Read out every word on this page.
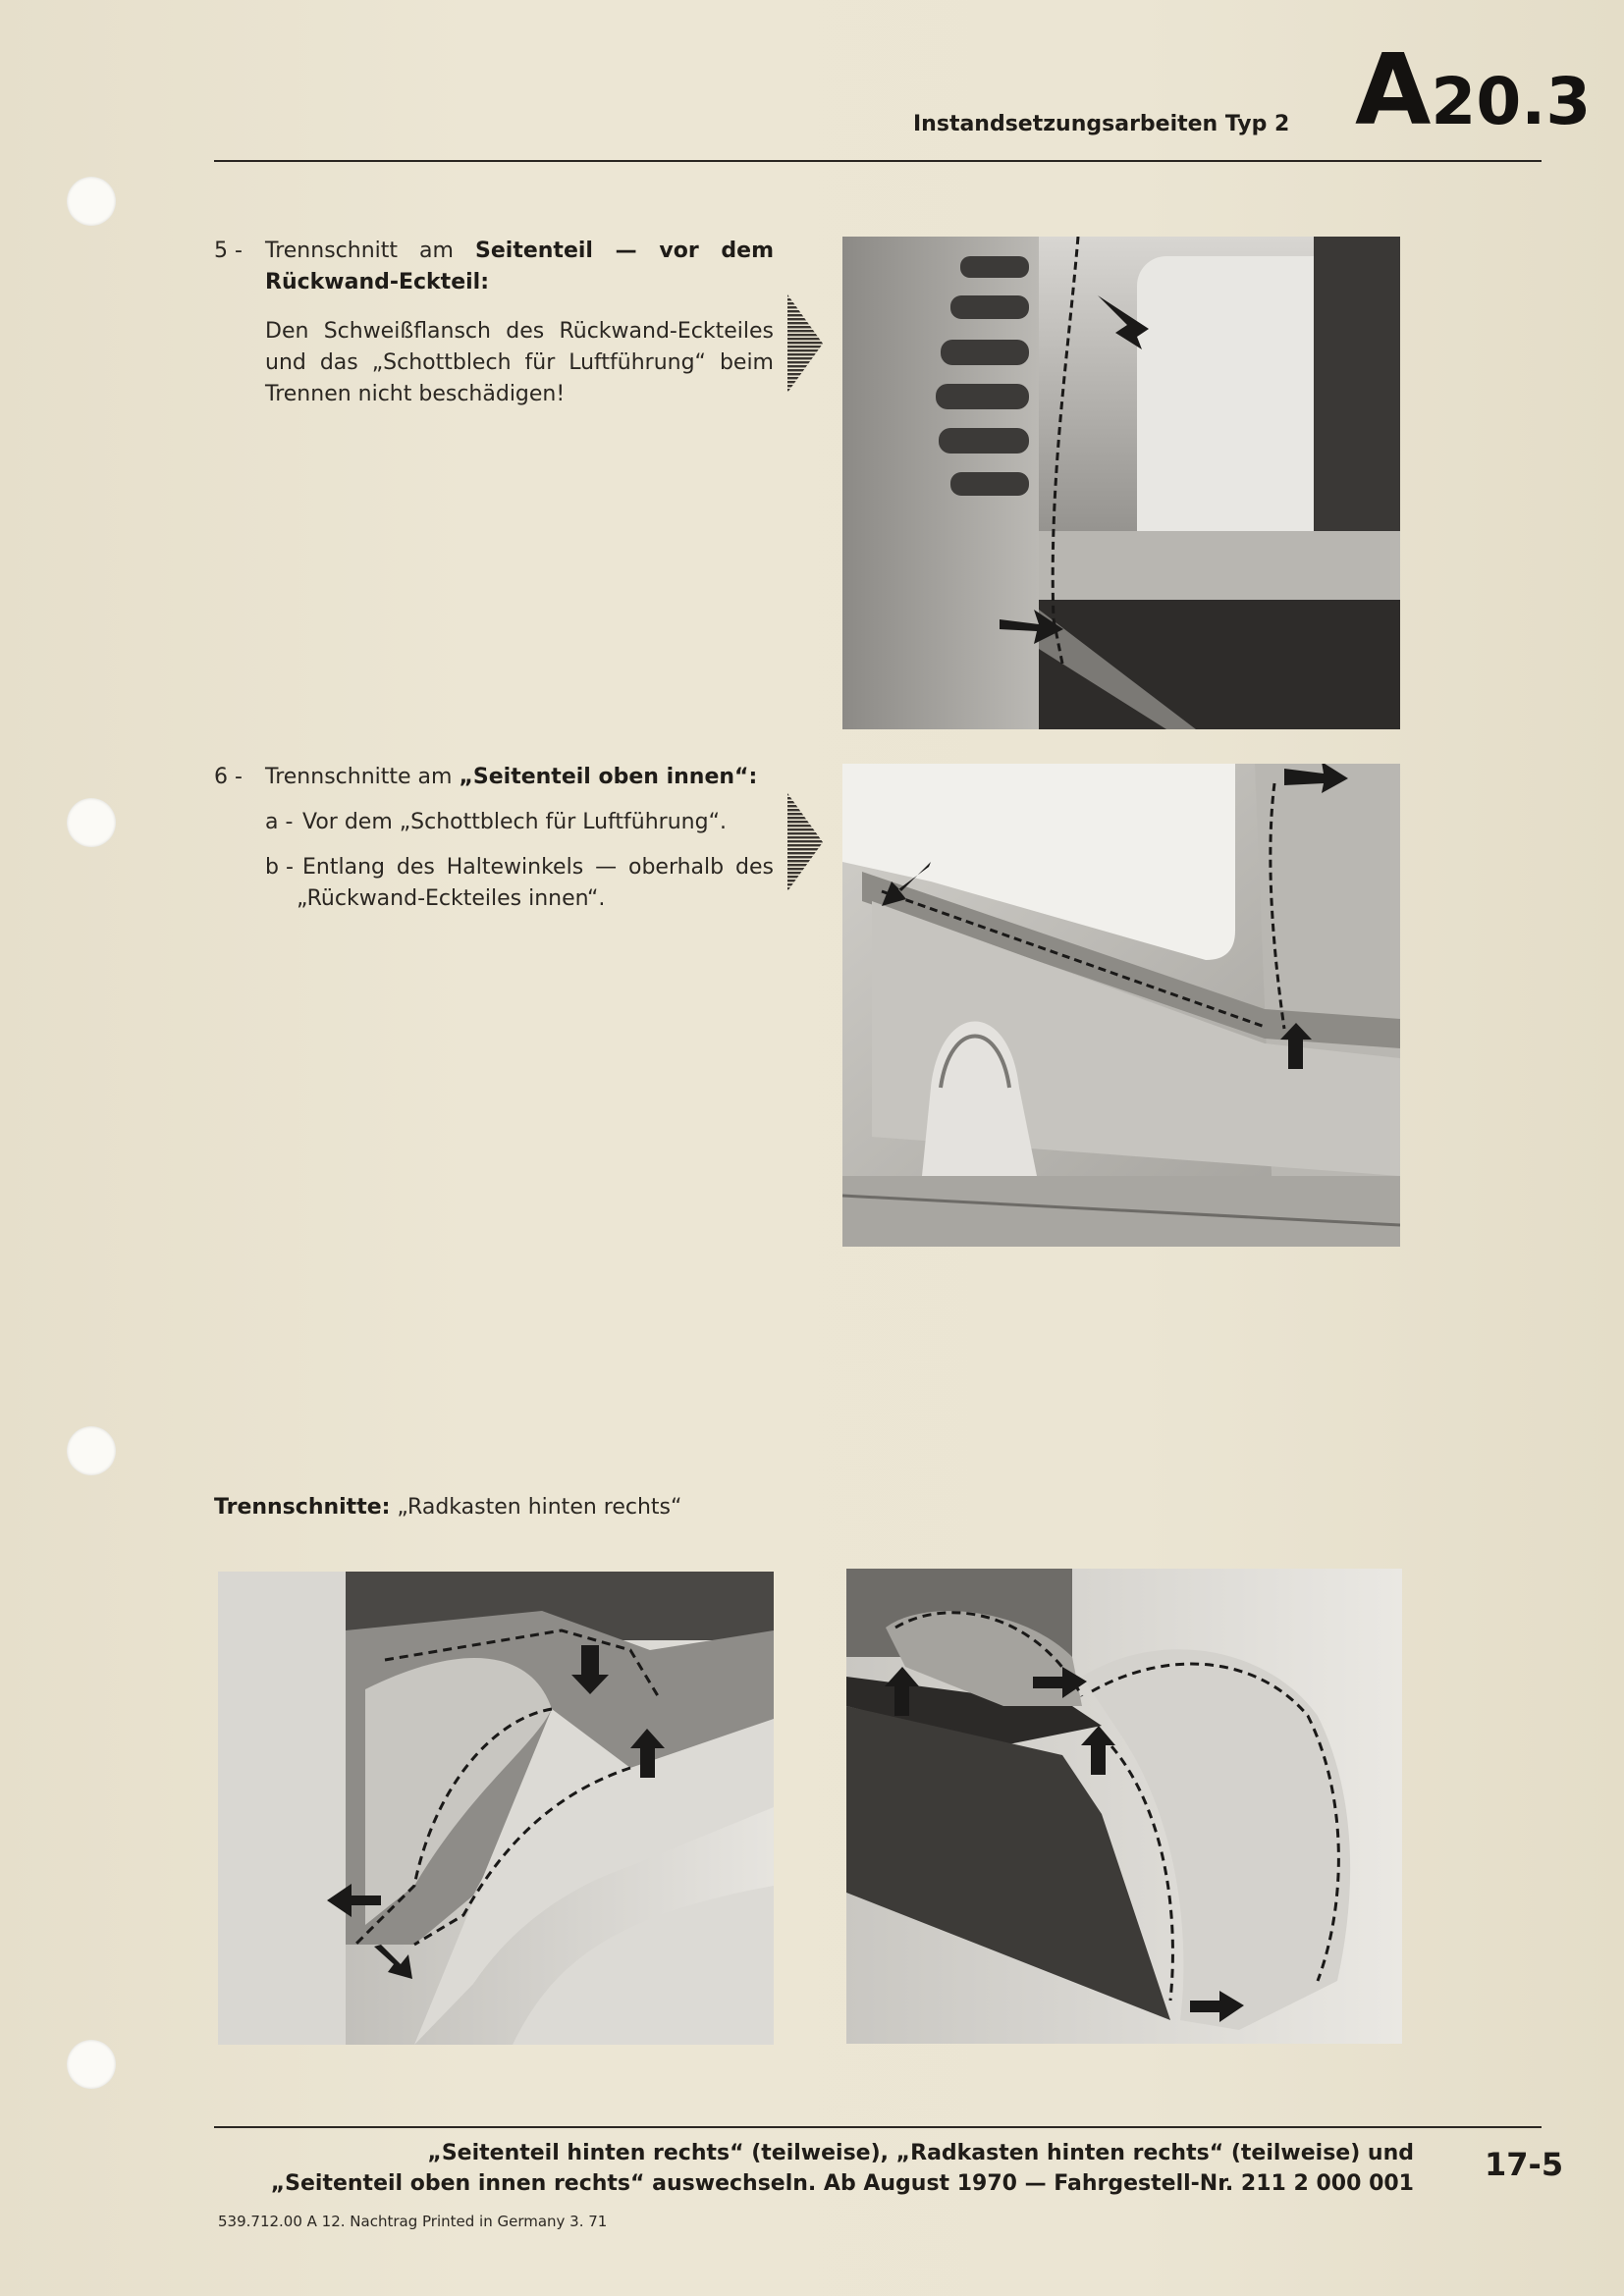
Instandsetzungsarbeiten Typ 2 A20.3
5 -	Trennschnitt am Seitenteil — vor dem
Rückwand-Eckteil:
Den Schweißflansch des Rückwand-Eckteiles
und das „Schottblech für Luftführung“ beim
Trennen nicht beschädigen!
6 -	Trennschnitte am „Seitenteil oben innen“:
a - Vor dem „Schottblech für Luftführung“.
b - Entlang des Haltewinkels — oberhalb des
„Rückwand-Eckteiles innen“.
Trennschnitte: „Radkasten hinten rechts“
„Seitenteil hinten rechts“ (teilweise), „Radkasten hinten rechts“ (teilweise) und
„Seitenteil oben innen rechts“ auswechseln. Ab August 1970 — Fahrgestell-Nr. 211 2 000 001
17-5
539.712.00 A 12. Nachtrag Printed in Germany 3. 71
